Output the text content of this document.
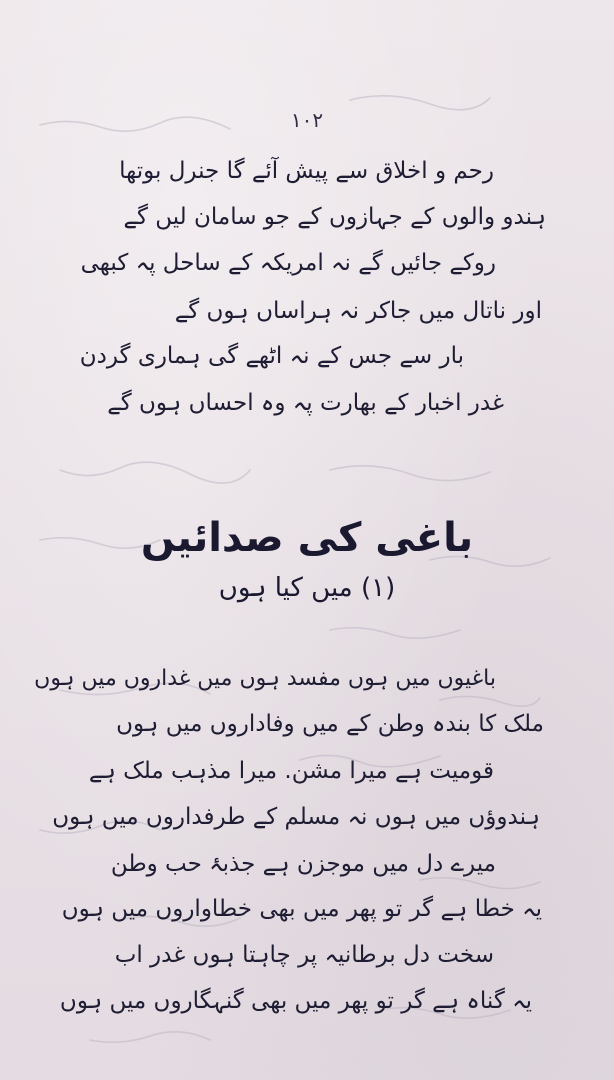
۱۰۲
رحم و اخلاق سے پیش آئے گا جنرل بوتھا
ہندو والوں کے جہازوں کے جو سامان لیں گے
روکے جائیں گے نہ امریکہ کے ساحل پہ کبھی
اور ناتال میں جاکر نہ ہراساں ہوں گے
بار سے جس کے نہ اٹھے گی ہماری گردن
غدر اخبار کے بھارت پہ وہ احساں ہوں گے
باغی کی صدائیں
(۱) میں کیا ہوں
باغیوں میں ہوں مفسد ہوں میں غداروں میں ہوں
ملک کا بندہ وطن کے میں وفاداروں میں ہوں
قومیت ہے میرا مشن. میرا مذہب ملک ہے
ہندوؤں میں ہوں نہ مسلم کے طرفداروں میں ہوں
میرے دل میں موجزن ہے جذبۂ حب وطن
یہ خطا ہے گر تو پھر میں بھی خطاواروں میں ہوں
سخت دل برطانیہ پر چاہتا ہوں غدر اب
یہ گناہ ہے گر تو پھر میں بھی گنہگاروں میں ہوں
